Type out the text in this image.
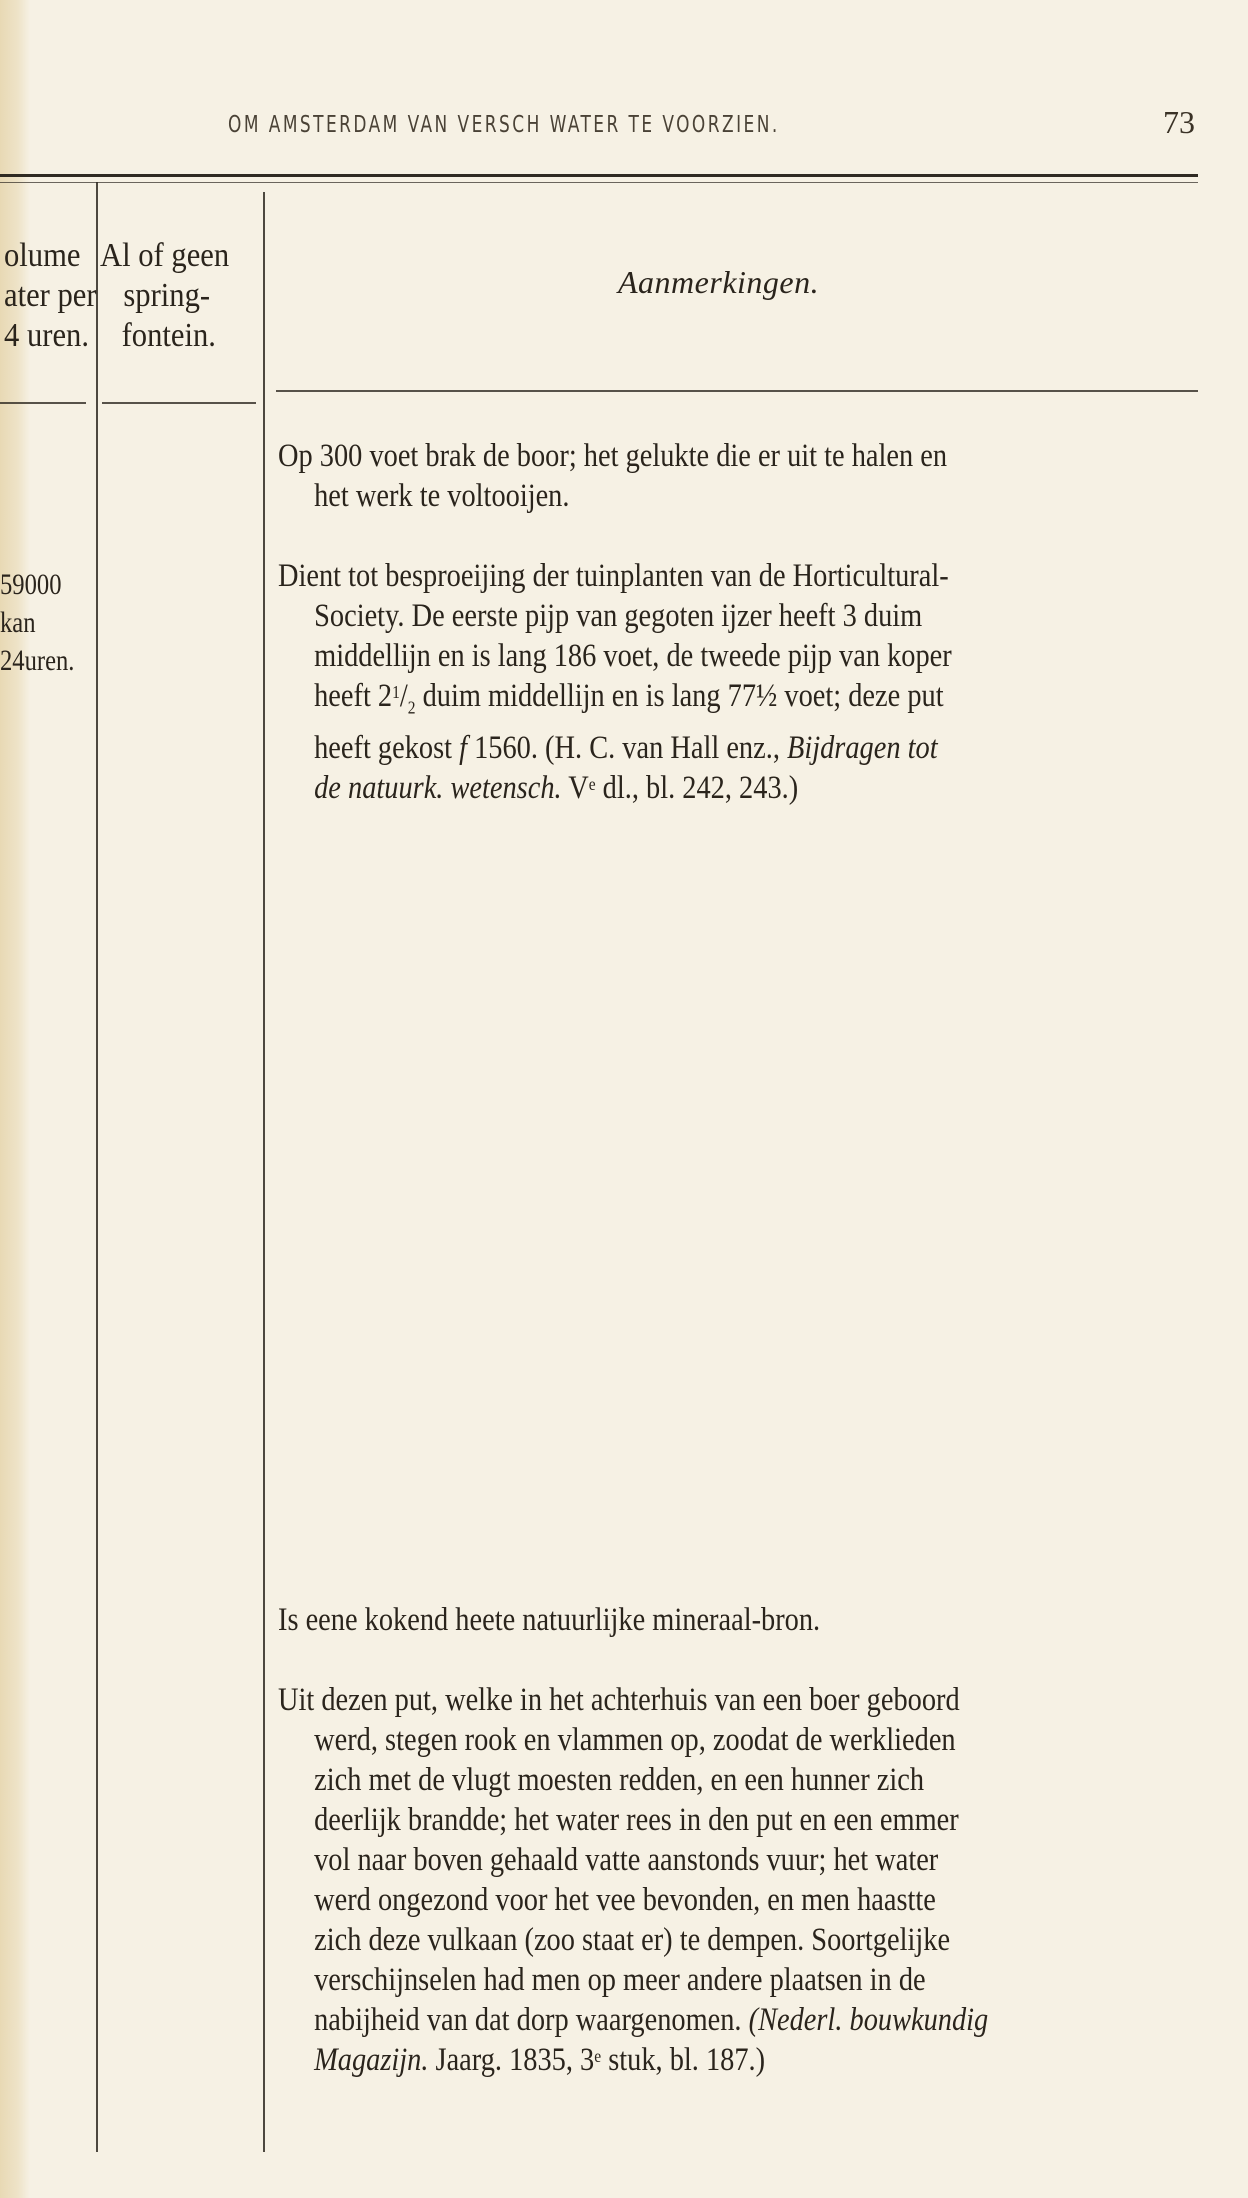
OM AMSTERDAM VAN VERSCH WATER TE VOORZIEN.	73
olume
ater per
4 uren.
Al of geen
spring-
fontein.
Aanmerkingen.
59000
kan
24uren.
Op 300 voet brak de boor; het gelukte die er uit te halen en
het werk te voltooijen.
Dient tot besproeijing der tuinplanten van de Horticultural-
Society. De eerste pijp van gegoten ijzer heeft 3 duim
middellijn en is lang 186 voet, de tweede pijp van koper
heeft $2^1/_2$ duim middellijn en is lang 77½ voet; deze put
heeft gekost f 1560. (H. C. van Hall enz., Bijdragen tot
de natuurk. wetensch. Ve dl., bl. 242, 243.)
Is eene kokend heete natuurlijke mineraal-bron.
Uit dezen put, welke in het achterhuis van een boer geboord
werd, stegen rook en vlammen op, zoodat de werklieden
zich met de vlugt moesten redden, en een hunner zich
deerlijk brandde; het water rees in den put en een emmer
vol naar boven gehaald vatte aanstonds vuur; het water
werd ongezond voor het vee bevonden, en men haastte
zich deze vulkaan (zoo staat er) te dempen. Soortgelijke
verschijnselen had men op meer andere plaatsen in de
nabijheid van dat dorp waargenomen. (Nederl. bouwkundig
Magazijn. Jaarg. 1835, 3e stuk, bl. 187.)
